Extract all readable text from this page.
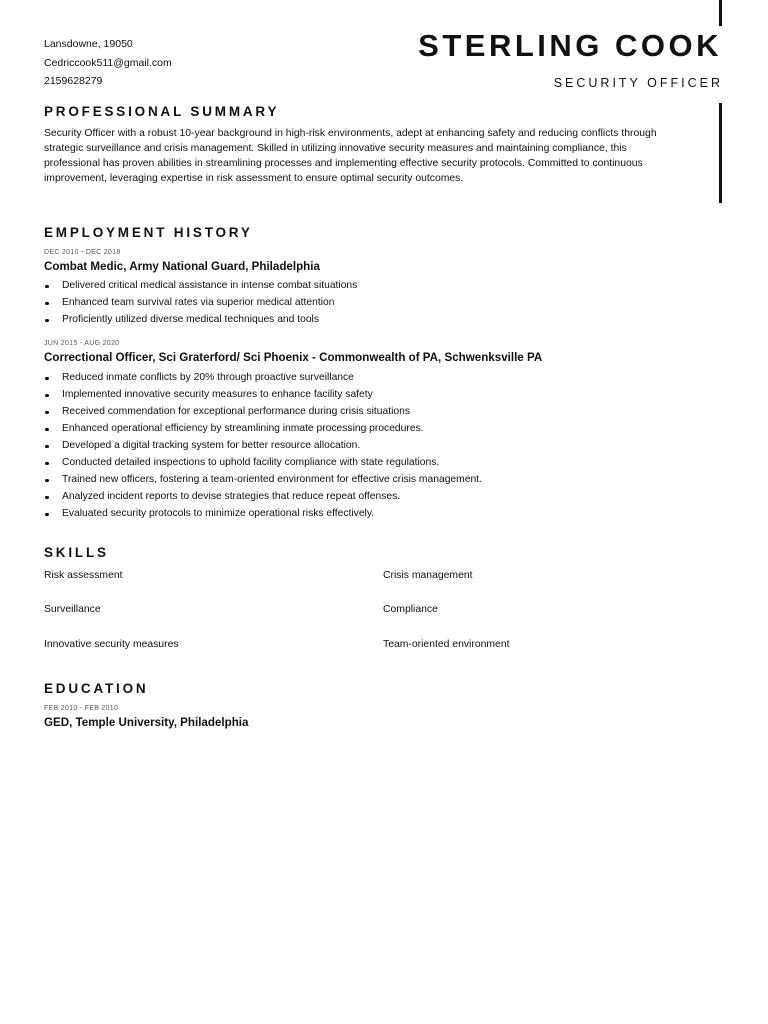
Lansdowne, 19050
Cedriccook511@gmail.com
2159628279
STERLING COOK
SECURITY OFFICER
PROFESSIONAL SUMMARY
Security Officer with a robust 10-year background in high-risk environments, adept at enhancing safety and reducing conflicts through strategic surveillance and crisis management. Skilled in utilizing innovative security measures and maintaining compliance, this professional has proven abilities in streamlining processes and implementing effective security protocols. Committed to continuous improvement, leveraging expertise in risk assessment to ensure optimal security outcomes.
EMPLOYMENT HISTORY
DEC 2010 - DEC 2018
Combat Medic, Army National Guard, Philadelphia
Delivered critical medical assistance in intense combat situations
Enhanced team survival rates via superior medical attention
Proficiently utilized diverse medical techniques and tools
JUN 2015 - AUG 2020
Correctional Officer, Sci Graterford/ Sci Phoenix - Commonwealth of PA, Schwenksville PA
Reduced inmate conflicts by 20% through proactive surveillance
Implemented innovative security measures to enhance facility safety
Received commendation for exceptional performance during crisis situations
Enhanced operational efficiency by streamlining inmate processing procedures.
Developed a digital tracking system for better resource allocation.
Conducted detailed inspections to uphold facility compliance with state regulations.
Trained new officers, fostering a team-oriented environment for effective crisis management.
Analyzed incident reports to devise strategies that reduce repeat offenses.
Evaluated security protocols to minimize operational risks effectively.
SKILLS
Risk assessment	Crisis management
Surveillance	Compliance
Innovative security measures	Team-oriented environment
EDUCATION
FEB 2010 - FEB 2010
GED, Temple University, Philadelphia
